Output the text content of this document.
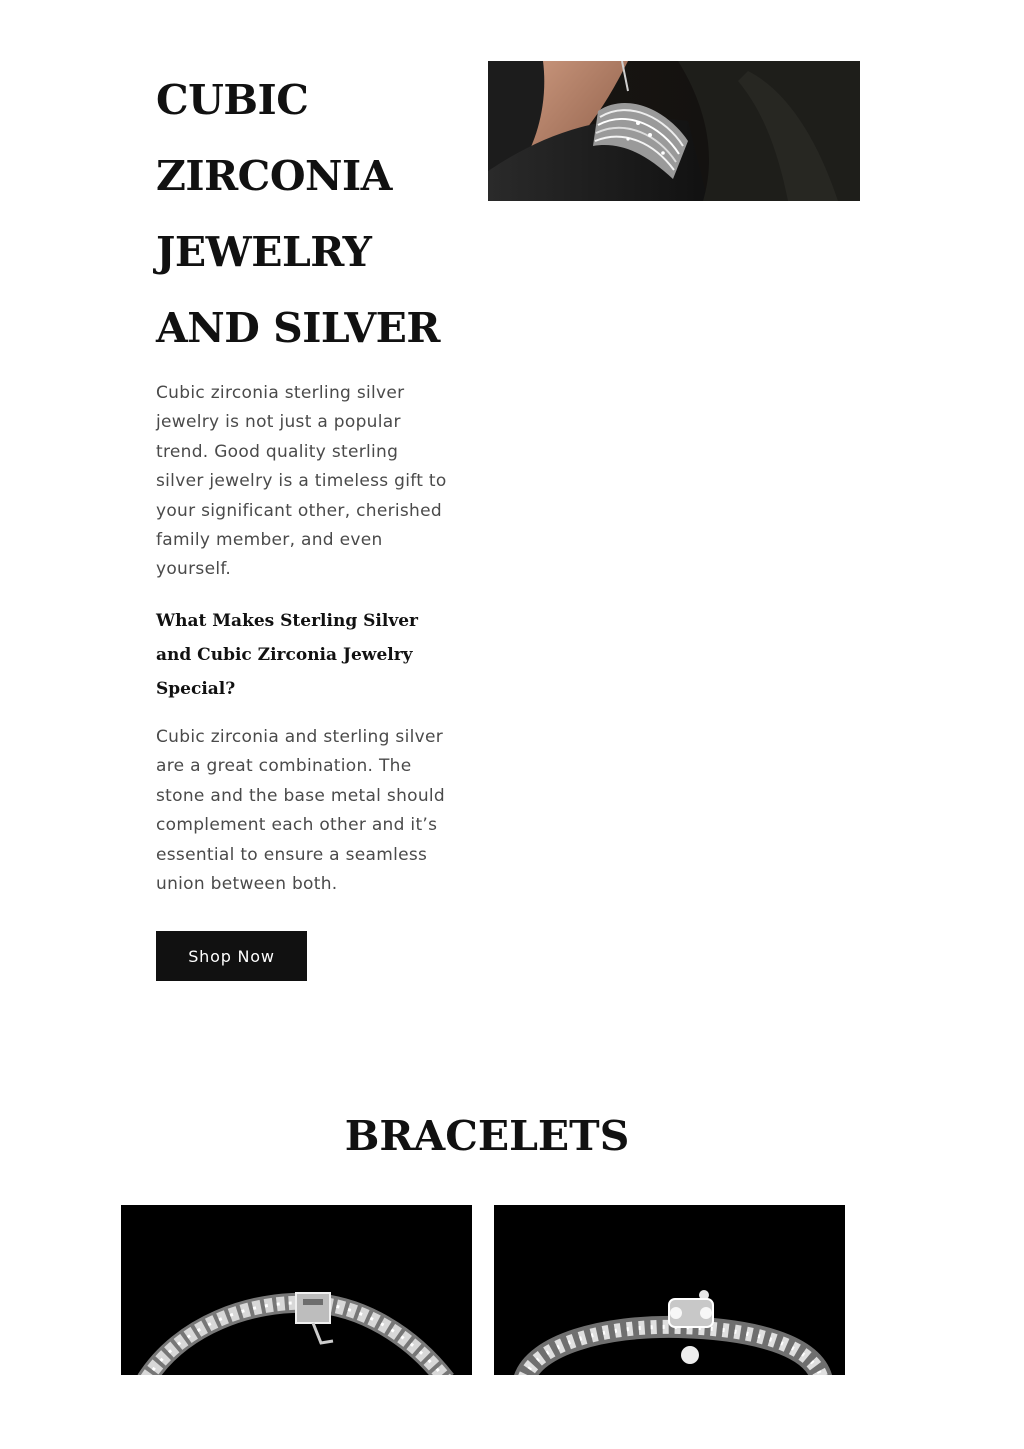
CUBIC
ZIRCONIA
JEWELRY
AND SILVER

Cubic zirconia sterling silver jewelry is not just a popular trend. Good quality sterling silver jewelry is a timeless gift to your significant other, cherished family member, and even yourself.

What Makes Sterling Silver and Cubic Zirconia Jewelry Special?

Cubic zirconia and sterling silver are a great combination. The stone and the base metal should complement each other and it’s essential to ensure a seamless union between both.

Shop Now
BRACELETS
